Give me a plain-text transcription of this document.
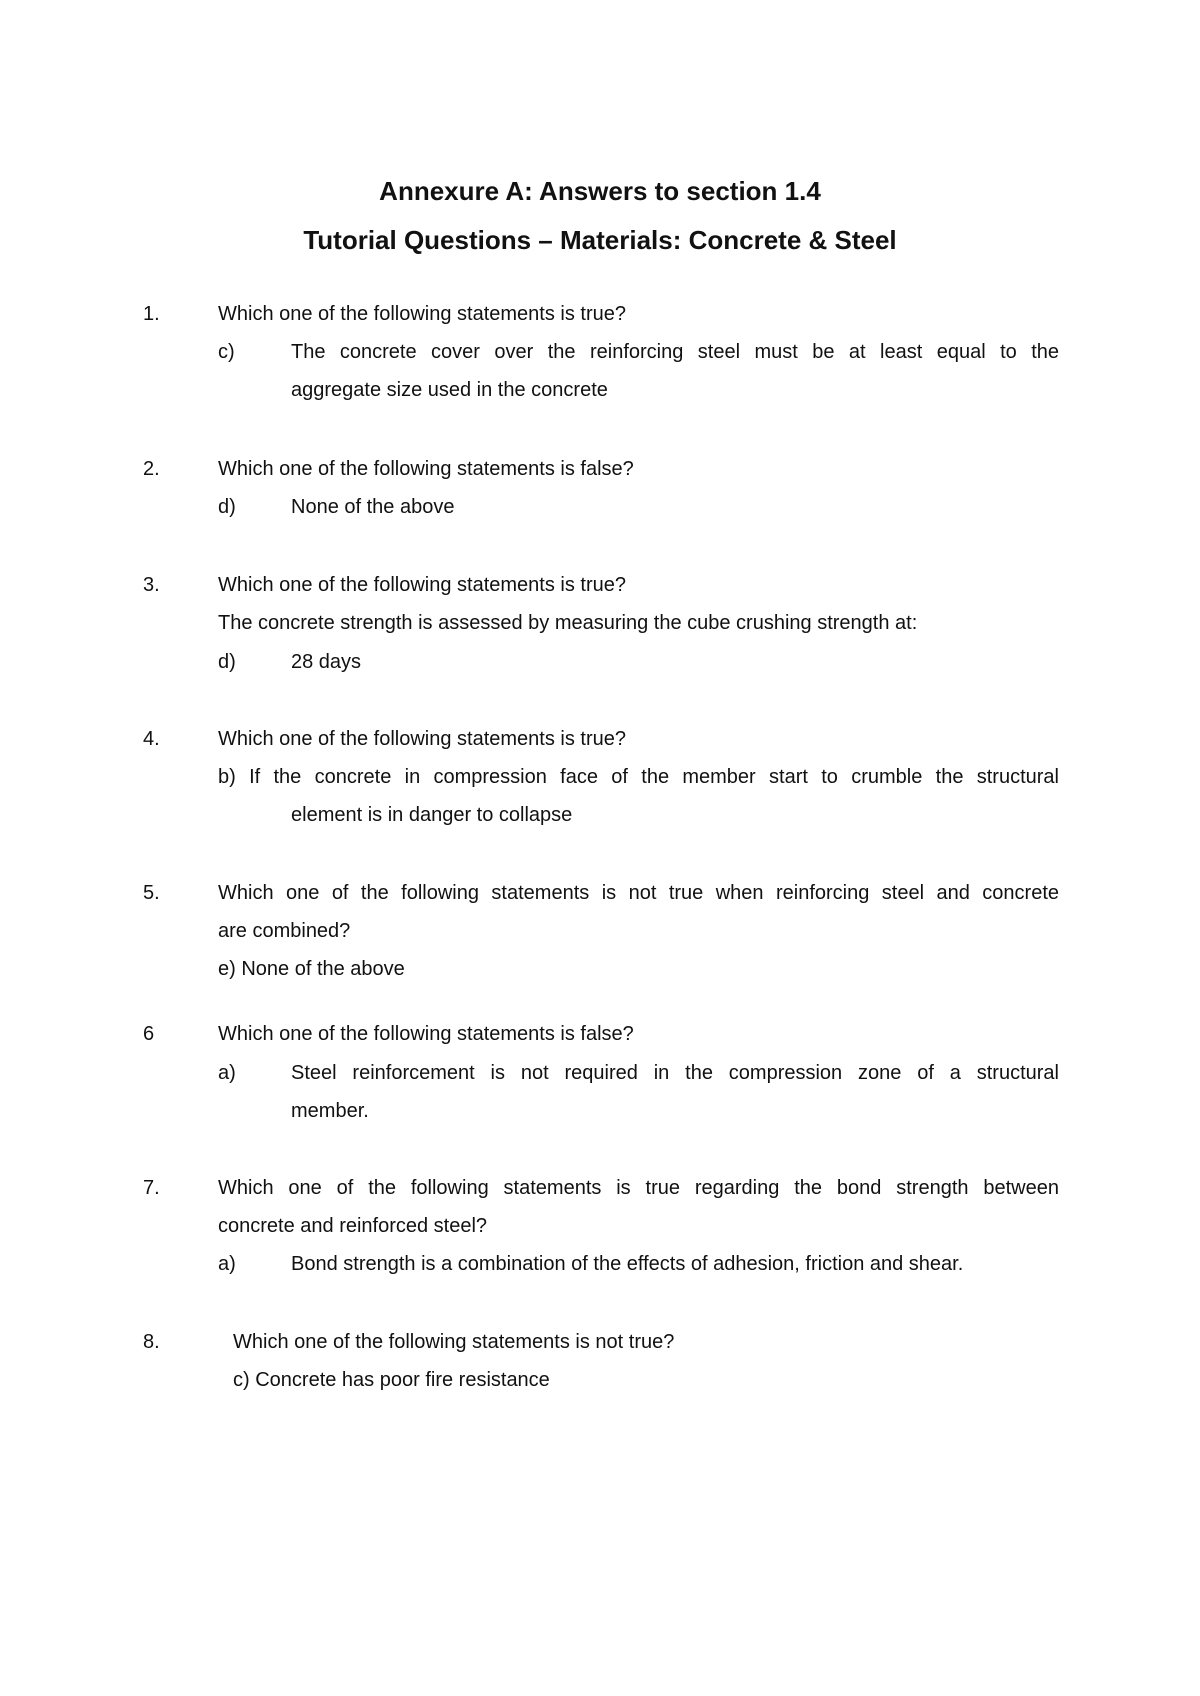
Annexure A: Answers to section 1.4
Tutorial Questions – Materials: Concrete & Steel
1.	Which one of the following statements is true?
c)	The concrete cover over the reinforcing steel must be at least equal to the
aggregate size used in the concrete
2.	Which one of the following statements is false?
d)	None of the above
3.	Which one of the following statements is true?
The concrete strength is assessed by measuring the cube crushing strength at:
d)	28 days
4.	Which one of the following statements is true?
b) If the concrete in compression face of the member start to crumble the structural
element is in danger to collapse
5.	Which one of the following statements is not true when reinforcing steel and concrete
are combined?
e) None of the above
6	Which one of the following statements is false?
a)	Steel reinforcement is not required in the compression zone of a structural
member.
7.	Which one of the following statements is true regarding the bond strength between
concrete and reinforced steel?
a)	Bond strength is a combination of the effects of adhesion, friction and shear.
8.	Which one of the following statements is not true?
c) Concrete has poor fire resistance
